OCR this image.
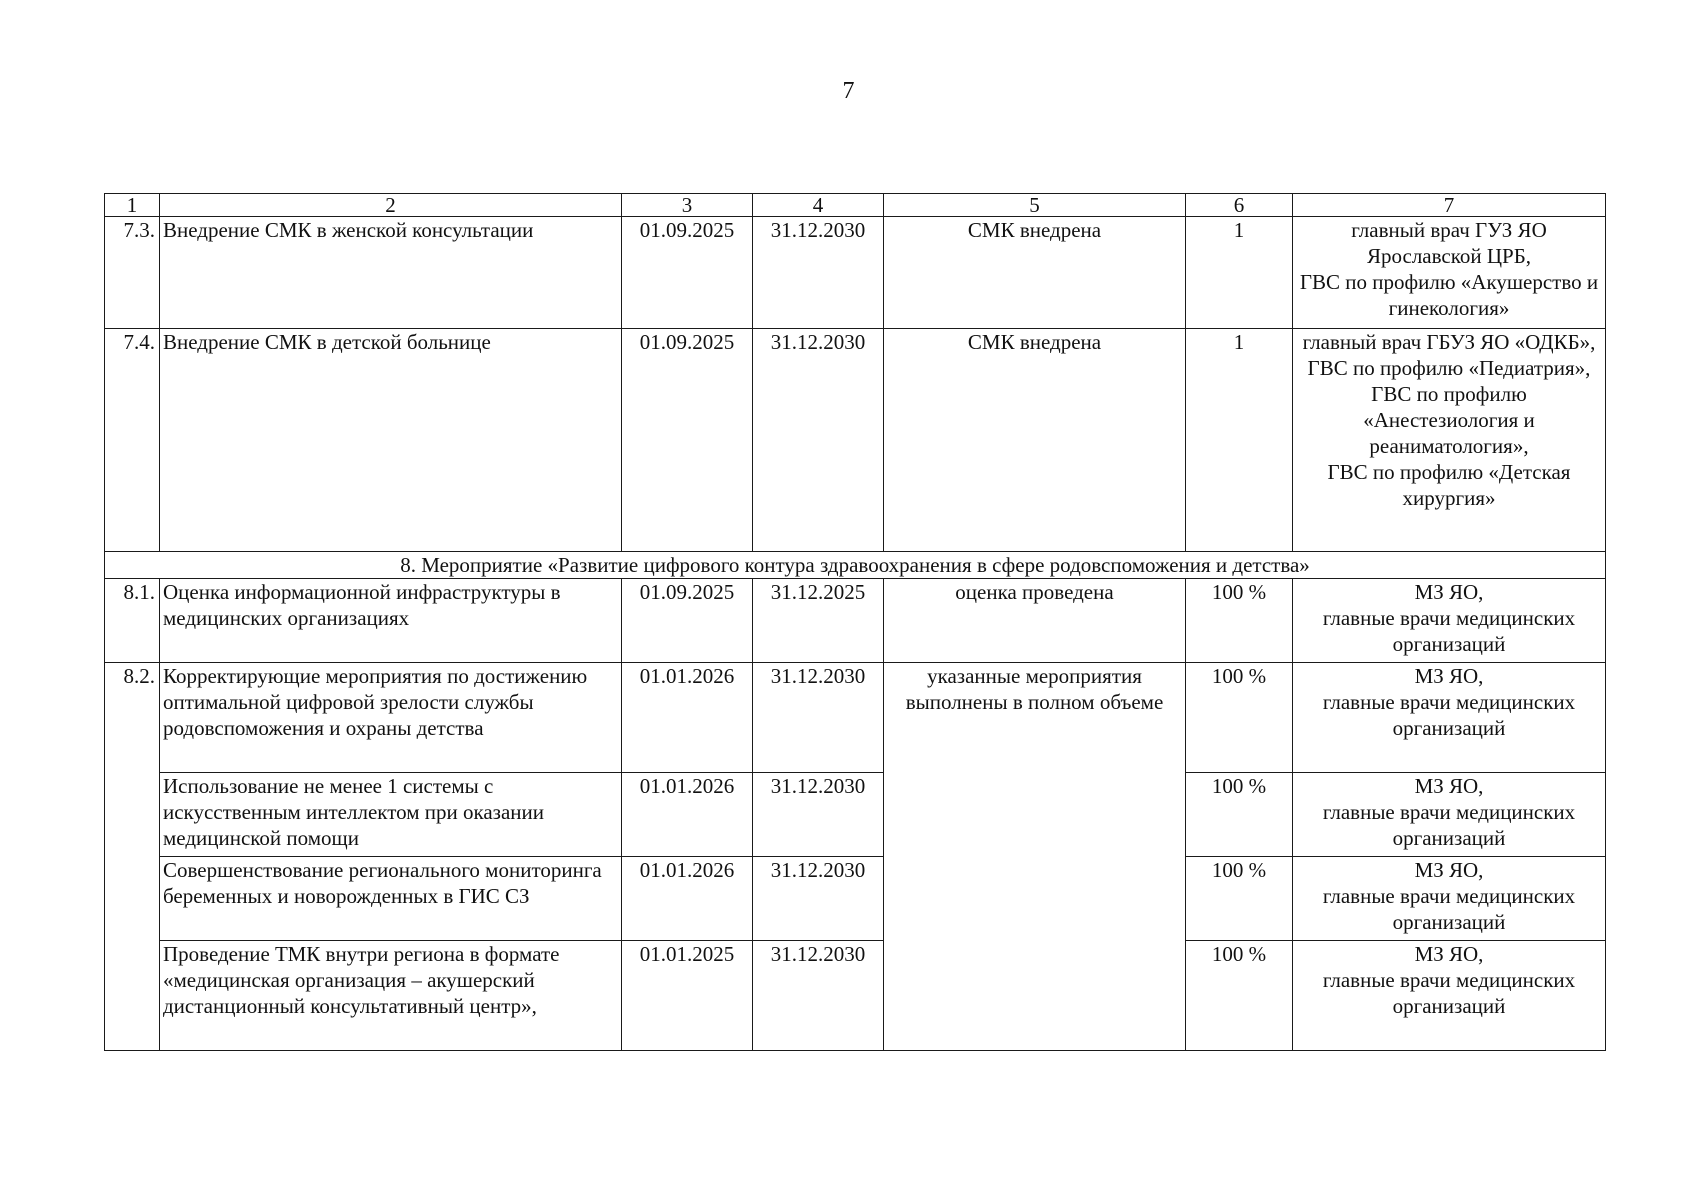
7
1	2	3	4	5	6	7
7.3.	Внедрение СМК в женской консультации	01.09.2025	31.12.2030	СМК внедрена	1	главный врач ГУЗ ЯО Ярославской ЦРБ,
ГВС по профилю «Акушерство и гинекология»
7.4.	Внедрение СМК в детской больнице	01.09.2025	31.12.2030	СМК внедрена	1	главный врач ГБУЗ ЯО «ОДКБ»,
ГВС по профилю «Педиатрия»,
ГВС по профилю «Анестезиология и реаниматология»,
ГВС по профилю «Детская хирургия»
8. Мероприятие «Развитие цифрового контура здравоохранения в сфере родовспоможения и детства»						
8.1.	Оценка информационной инфраструктуры в медицинских организациях	01.09.2025	31.12.2025	оценка проведена	100 %	МЗ ЯО,
главные врачи медицинских организаций
8.2.	Корректирующие мероприятия по достижению оптимальной цифровой зрелости службы родовспоможения и охраны детства	01.01.2026	31.12.2030	указанные мероприятия выполнены в полном объеме	100 %	МЗ ЯО,
главные врачи медицинских организаций
	Использование не менее 1 системы с искусственным интеллектом при оказании медицинской помощи	01.01.2026	31.12.2030		100 %	МЗ ЯО,
главные врачи медицинских организаций
	Совершенствование регионального мониторинга беременных и новорожденных в ГИС СЗ	01.01.2026	31.12.2030		100 %	МЗ ЯО,
главные врачи медицинских организаций
	Проведение ТМК внутри региона в формате «медицинская организация – акушерский дистанционный консультативный центр»,	01.01.2025	31.12.2030		100 %	МЗ ЯО,
главные врачи медицинских организаций
